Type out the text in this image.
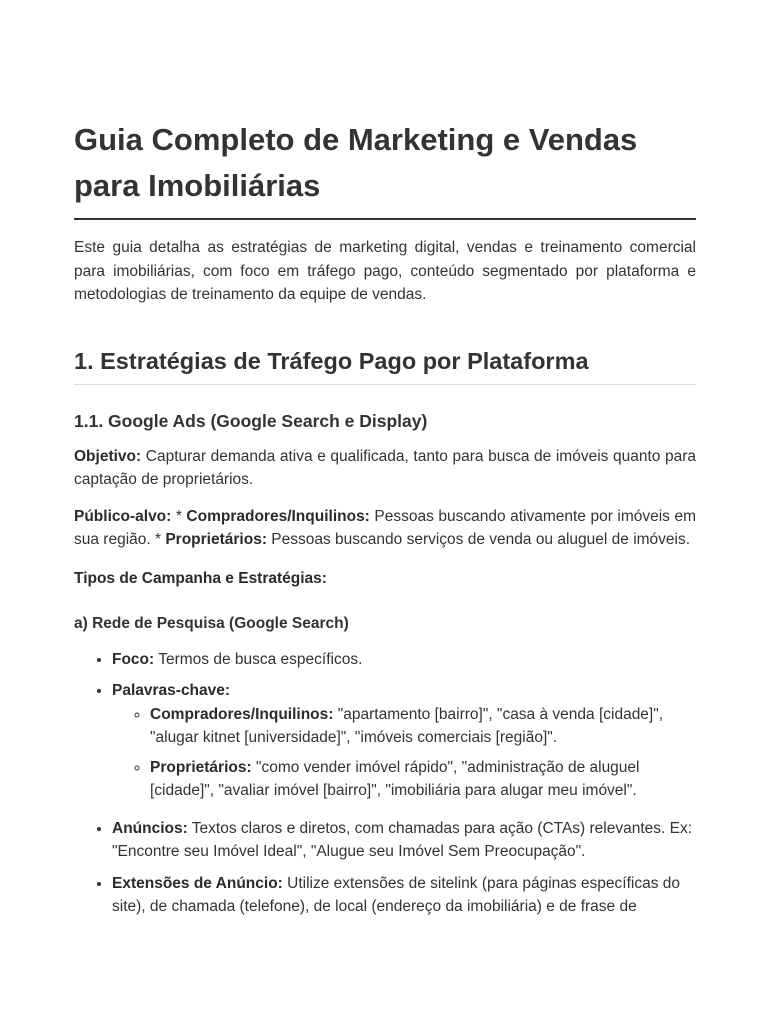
Guia Completo de Marketing e Vendas para Imobiliárias

Este guia detalha as estratégias de marketing digital, vendas e treinamento comercial para imobiliárias, com foco em tráfego pago, conteúdo segmentado por plataforma e metodologias de treinamento da equipe de vendas.

1. Estratégias de Tráfego Pago por Plataforma
1.1. Google Ads (Google Search e Display)

Objetivo: Capturar demanda ativa e qualificada, tanto para busca de imóveis quanto para captação de proprietários.

Público-alvo: * Compradores/Inquilinos: Pessoas buscando ativamente por imóveis em sua região. * Proprietários: Pessoas buscando serviços de venda ou aluguel de imóveis.

Tipos de Campanha e Estratégias:

a) Rede de Pesquisa (Google Search)
• Foco: Termos de busca específicos.
• Palavras-chave:
◦ Compradores/Inquilinos: "apartamento [bairro]", "casa à venda [cidade]", "alugar kitnet [universidade]", "imóveis comerciais [região]".
◦ Proprietários: "como vender imóvel rápido", "administração de aluguel [cidade]", "avaliar imóvel [bairro]", "imobiliária para alugar meu imóvel".
• Anúncios: Textos claros e diretos, com chamadas para ação (CTAs) relevantes. Ex: "Encontre seu Imóvel Ideal", "Alugue seu Imóvel Sem Preocupação".
• Extensões de Anúncio: Utilize extensões de sitelink (para páginas específicas do site), de chamada (telefone), de local (endereço da imobiliária) e de frase de
